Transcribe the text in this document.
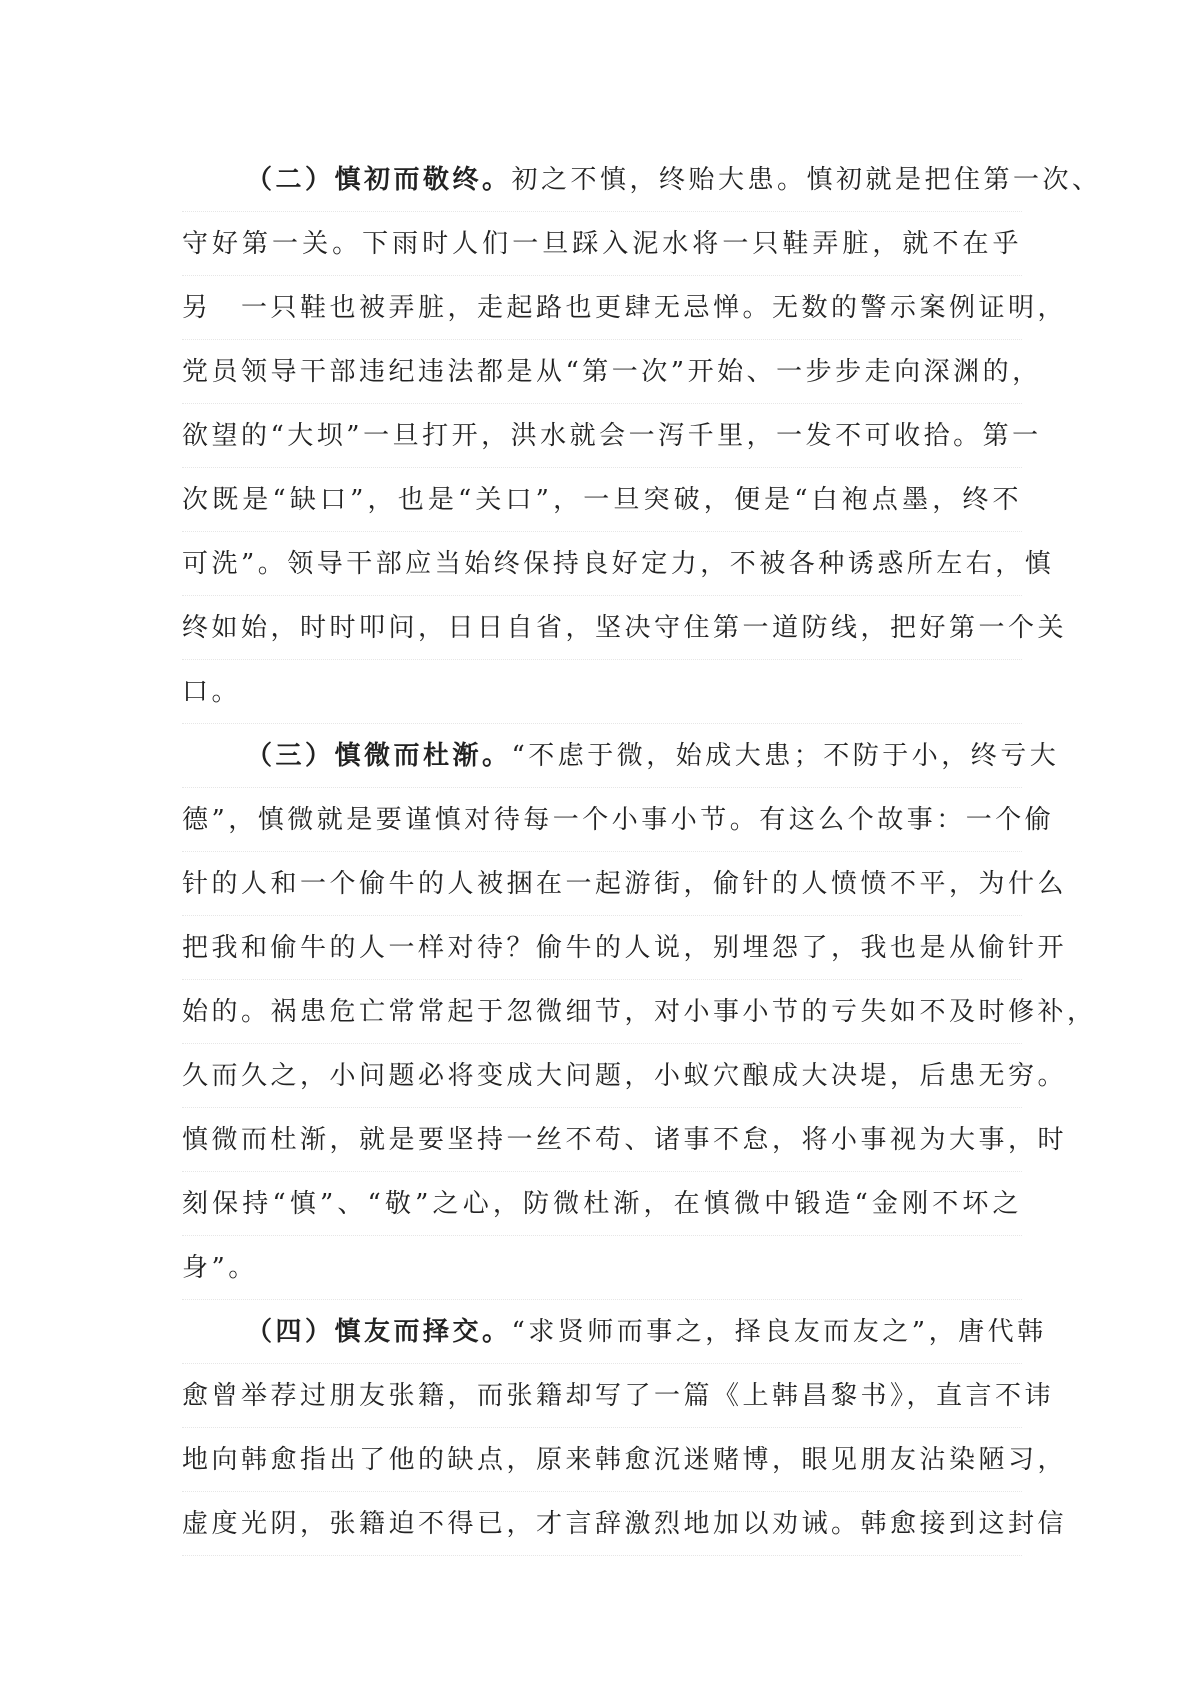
（二）慎初而敬终。初之不慎，终贻大患。慎初就是把住第一次、
守好第一关。下雨时人们一旦踩入泥水将一只鞋弄脏，就不在乎
另　一只鞋也被弄脏，走起路也更肆无忌惮。无数的警示案例证明，
党员领导干部违纪违法都是从“第一次”开始、一步步走向深渊的，
欲望的“大坝”一旦打开，洪水就会一泻千里，一发不可收拾。第一
次既是“缺口”，也是“关口”，一旦突破，便是“白袍点墨，终不
可洗”。领导干部应当始终保持良好定力，不被各种诱惑所左右，慎
终如始，时时叩问，日日自省，坚决守住第一道防线，把好第一个关
口。
（三）慎微而杜渐。“不虑于微，始成大患；不防于小，终亏大
德”，慎微就是要谨慎对待每一个小事小节。有这么个故事：一个偷
针的人和一个偷牛的人被捆在一起游街，偷针的人愤愤不平，为什么
把我和偷牛的人一样对待？偷牛的人说，别埋怨了，我也是从偷针开
始的。祸患危亡常常起于忽微细节，对小事小节的亏失如不及时修补，
久而久之，小问题必将变成大问题，小蚁穴酿成大决堤，后患无穷。
慎微而杜渐，就是要坚持一丝不苟、诸事不怠，将小事视为大事，时
刻保持“慎”、“敬”之心，防微杜渐，在慎微中锻造“金刚不坏之
身”。
（四）慎友而择交。“求贤师而事之，择良友而友之”，唐代韩
愈曾举荐过朋友张籍，而张籍却写了一篇《上韩昌黎书》，直言不讳
地向韩愈指出了他的缺点，原来韩愈沉迷赌博，眼见朋友沾染陋习，
虚度光阴，张籍迫不得已，才言辞激烈地加以劝诫。韩愈接到这封信
